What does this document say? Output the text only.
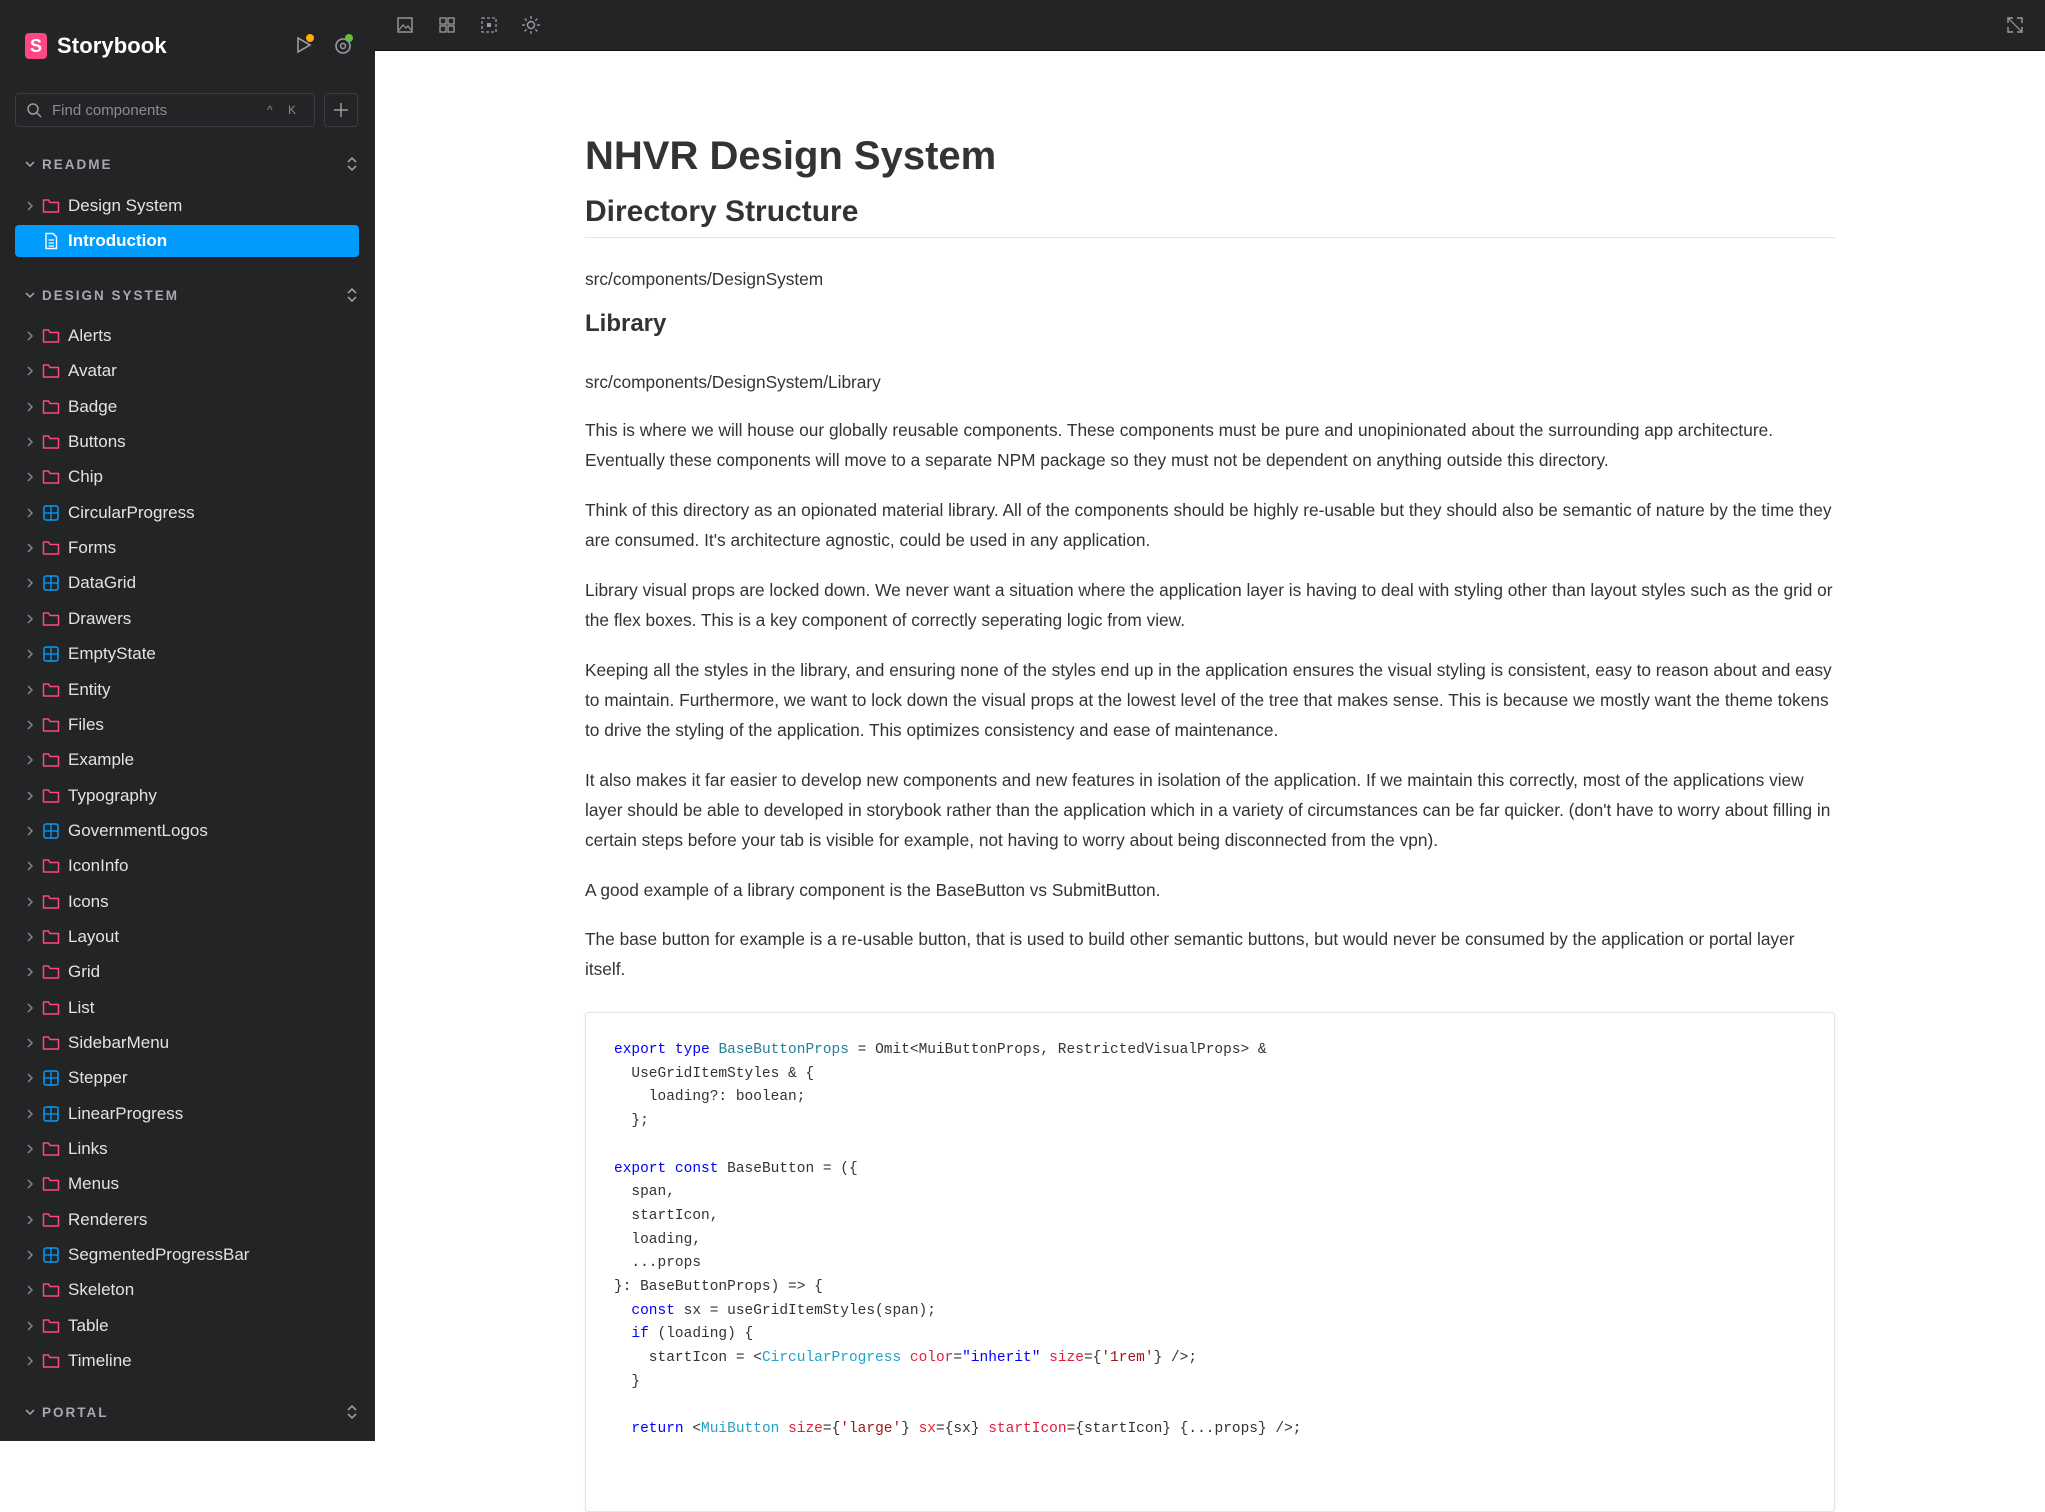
S Storybook
Find components
^ K
README
Design System
Introduction
DESIGN SYSTEM
Alerts
Avatar
Badge
Buttons
Chip
CircularProgress
Forms
DataGrid
Drawers
EmptyState
Entity
Files
Example
Typography
GovernmentLogos
IconInfo
Icons
Layout
Grid
List
SidebarMenu
Stepper
LinearProgress
Links
Menus
Renderers
SegmentedProgressBar
Skeleton
Table
Timeline
PORTAL
NHVR Design System
Directory Structure

src/components/DesignSystem

Library

src/components/DesignSystem/Library

This is where we will house our globally reusable components. These components must be pure and unopinionated about the surrounding app architecture. Eventually these components will move to a separate NPM package so they must not be dependent on anything outside this directory.

Think of this directory as an opionated material library. All of the components should be highly re-usable but they should also be semantic of nature by the time they are consumed. It's architecture agnostic, could be used in any application.

Library visual props are locked down. We never want a situation where the application layer is having to deal with styling other than layout styles such as the grid or the flex boxes. This is a key component of correctly seperating logic from view.

Keeping all the styles in the library, and ensuring none of the styles end up in the application ensures the visual styling is consistent, easy to reason about and easy to maintain. Furthermore, we want to lock down the visual props at the lowest level of the tree that makes sense. This is because we mostly want the theme tokens to drive the styling of the application. This optimizes consistency and ease of maintenance.

It also makes it far easier to develop new components and new features in isolation of the application. If we maintain this correctly, most of the applications view layer should be able to developed in storybook rather than the application which in a variety of circumstances can be far quicker. (don't have to worry about filling in certain steps before your tab is visible for example, not having to worry about being disconnected from the vpn).

A good example of a library component is the BaseButton vs SubmitButton.

The base button for example is a re-usable button, that is used to build other semantic buttons, but would never be consumed by the application or portal layer itself.

export type BaseButtonProps = Omit<MuiButtonProps, RestrictedVisualProps> &
UseGridItemStyles & {
loading?: boolean;
};

export const BaseButton = ({
span,
startIcon,
loading,
...props
}: BaseButtonProps) => {
const sx = useGridItemStyles(span);
if (loading) {
startIcon = <CircularProgress color="inherit" size={'1rem'} />;
}

return <MuiButton size={'large'} sx={sx} startIcon={startIcon} {...props} />;
